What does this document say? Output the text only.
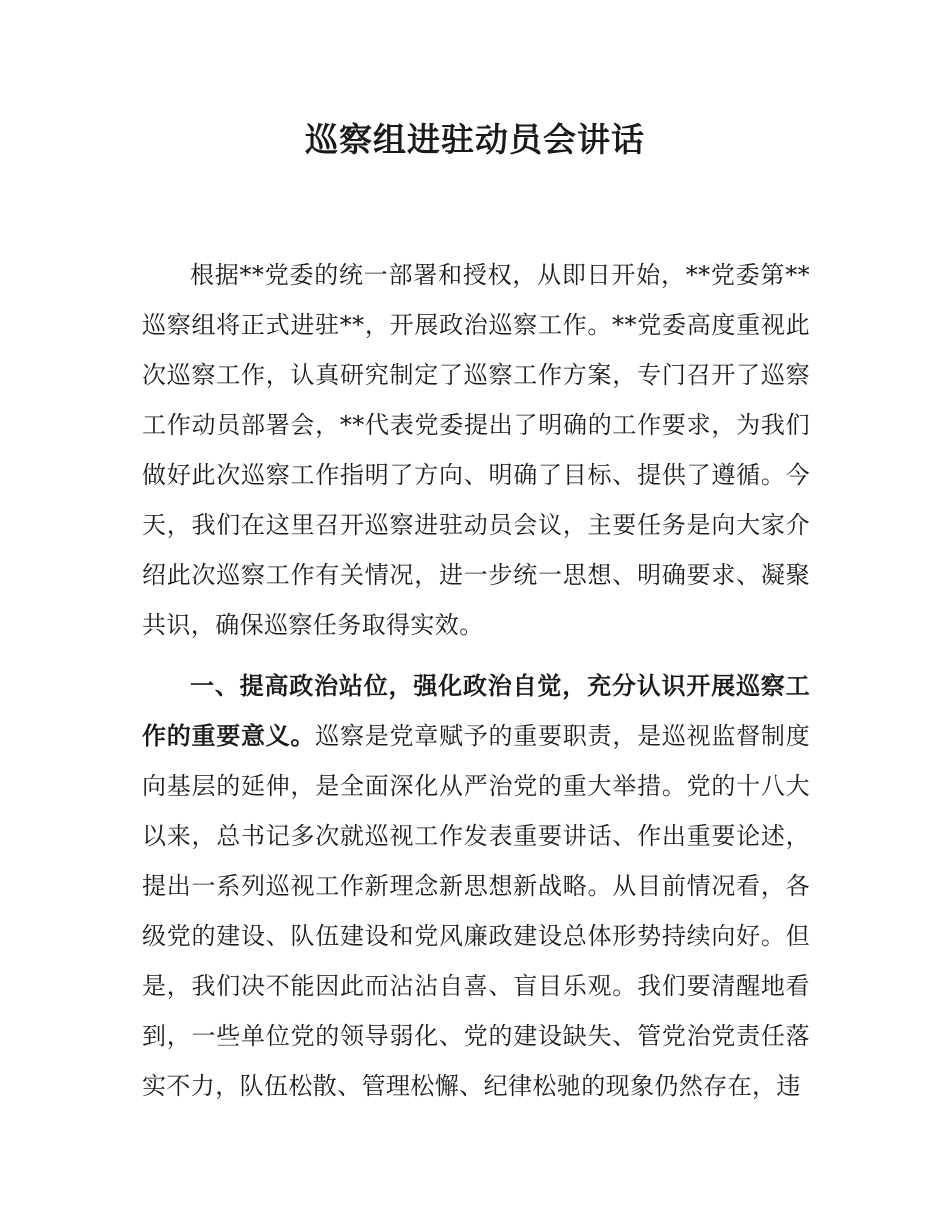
巡察组进驻动员会讲话

根据**党委的统一部署和授权，从即日开始，**党委第**巡察组将正式进驻**，开展政治巡察工作。**党委高度重视此次巡察工作，认真研究制定了巡察工作方案，专门召开了巡察工作动员部署会，**代表党委提出了明确的工作要求，为我们做好此次巡察工作指明了方向、明确了目标、提供了遵循。今天，我们在这里召开巡察进驻动员会议，主要任务是向大家介绍此次巡察工作有关情况，进一步统一思想、明确要求、凝聚共识，确保巡察任务取得实效。

一、提高政治站位，强化政治自觉，充分认识开展巡察工作的重要意义。巡察是党章赋予的重要职责，是巡视监督制度向基层的延伸，是全面深化从严治党的重大举措。党的十八大以来，总书记多次就巡视工作发表重要讲话、作出重要论述，提出一系列巡视工作新理念新思想新战略。从目前情况看，各级党的建设、队伍建设和党风廉政建设总体形势持续向好。但是，我们决不能因此而沾沾自喜、盲目乐观。我们要清醒地看到，一些单位党的领导弱化、党的建设缺失、管党治党责任落实不力，队伍松散、管理松懈、纪律松驰的现象仍然存在，违
